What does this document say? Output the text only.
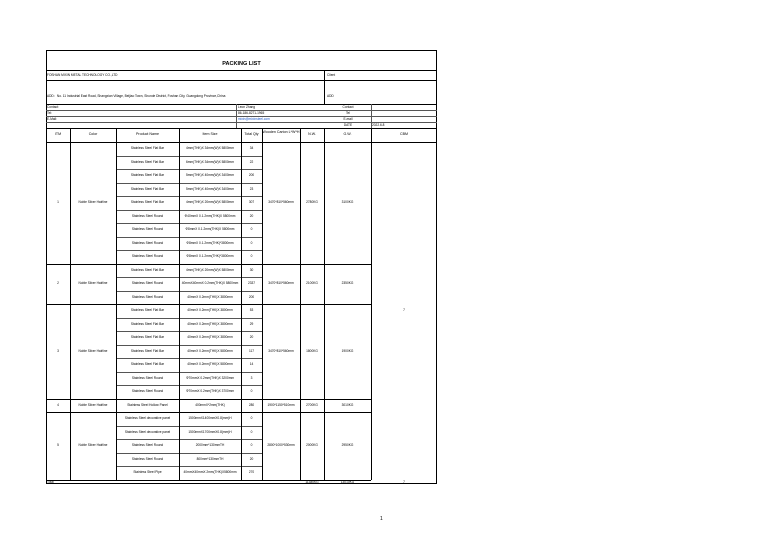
PACKING LIST
FOSHAN MIXIN METAL TECHNOLOGY CO.,LTD	Client
ADD：No. 11 Industrial East Road, Shangxian Village, Beijiao Town, Shunde District, Foshan City, Guangdong Province,China	ADD
Contact:	Leon Zhang	Contact
Tel:	86-186-8271-1965	Tel
E-Mail:	mixin@mixinsteel.com	E-mail
DATE	2022.6.8
ITM	Color	Product Name	Item Size	Total Qty	Wooden Carton L*W*H	N.W.	G.W.	CBM
Stainless Steel Flat Bar	4mm(THK)X 34mm(W)X 5800mm	34
Stainless Steel Flat Bar	6mm(THK)X 34mm(W)X 5800mm	22
Stainless Steel Flat Bar	5mm(THK)X 40mm(W)X 3400mm	200
Stainless Steel Flat Bar	5mm(THK)X 40mm(W)X 3400mm	23
Stainless Steel Flat Bar	4mm(THK)X 20mm(W)X 5800mm	307
Stainless Steel Round	Φ40mmX 0.1.2mm(THK)X 5800mm	20
Stainless Steel Round	Φ8mmX 0.1.2mm(THK)X 5800mm	0
Stainless Steel Round	Φ8mmX 0.1.2mm(THK)*3800mm	0
Stainless Steel Round	Φ8mmX 0.1.2mm(THK)*3800mm	0
1	Noble Silver Hairline	3470*810*560mm	2780KG	3100KG
Stainless Steel Flat Bar	4mm(THK)X 20mm(W)X 5800mm	30
Stainless Steel Round	40mmX40mmX 0.2mm(THK)X 5800mm	2337
Stainless Steel Round	40mmX 0.2mm(THK)X 3800mm	200
2	Noble Silver Hairline	3470*810*560mm	2100KG	2350KG
Stainless Steel Flat Bar	40mmX 0.2mm(THK)X 3800mm	53
Stainless Steel Flat Bar	40mmX 0.2mm(THK)X 3800mm	29
Stainless Steel Flat Bar	40mmX 0.2mm(THK)X 3800mm	20
Stainless Steel Flat Bar	40mmX 0.2mm(THK)X 5800mm	117
Stainless Steel Flat Bar	40mmX 0.2mm(THK)X 5800mm	14
Stainless Steel Round	Φ70mmX 0.2mm(THK)X 3200mm	3
Stainless Steel Round	Φ70mmX 0.2mm(THK)X 3700mm	0
3	Noble Silver Hairline	3470*810*560mm	1800KG	1900KG
Stainless Steel Hollow Panel	400mmX*2mm(THK)	280
4	Noble Silver Hairline	1900*1150*510mm	2700KG	3010KG
Stainless Steel decorative panel	1500mmX1400mmX0.8(mm)H	0
Stainless Steel decorative panel	1500mmX1700mmX0.8(mm)H	0
Stainless Steel Round	2000mm*130mmTH	0
Stainless Steel Round	800mm*130mmTH	20
Stainless Steel Pipe	40mmX40mmX 2mm(THK)X5800mm	270
5	Noble Silver Hairline	2800*1000*530mm	2000KG	2950KG
7
Total	11380KG	13010KG	7
1
